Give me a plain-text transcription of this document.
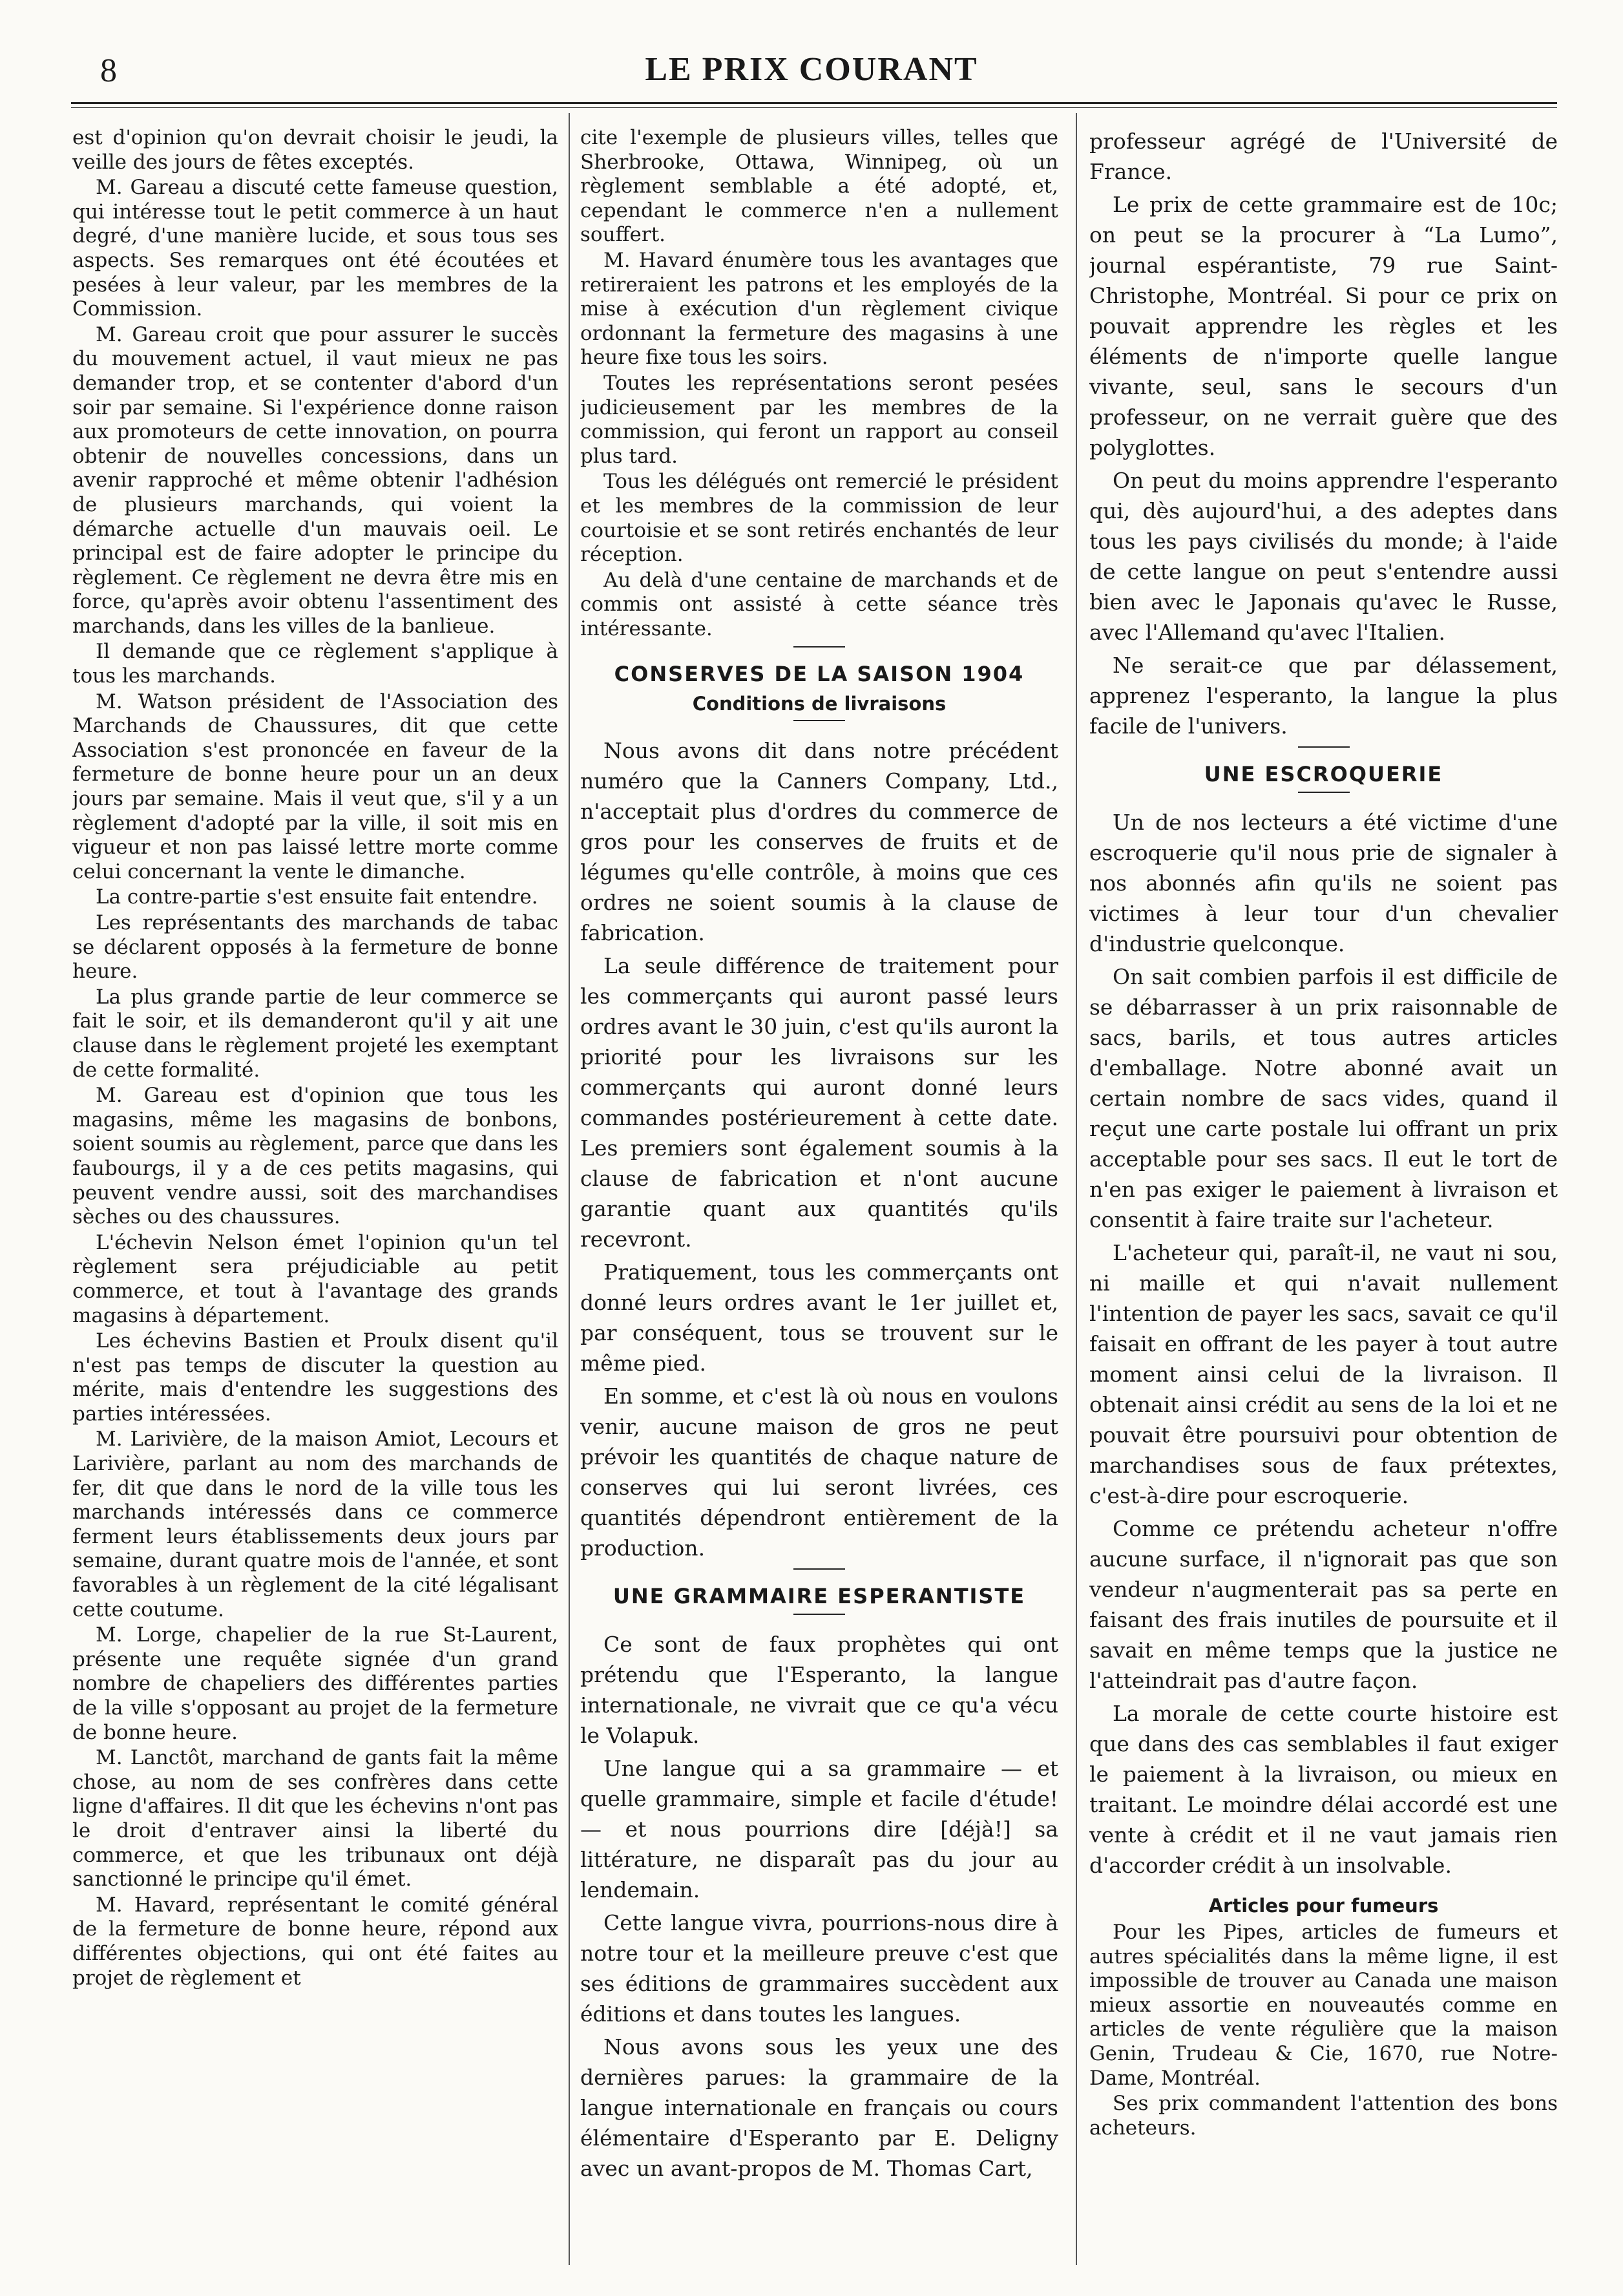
8	LE PRIX COURANT

est d'opinion qu'on devrait choisir le jeudi, la veille des jours de fêtes exceptés.

M. Gareau a discuté cette fameuse question, qui intéresse tout le petit commerce à un haut degré, d'une manière lucide, et sous tous ses aspects. Ses remarques ont été écoutées et pesées à leur valeur, par les membres de la Commission.

M. Gareau croit que pour assurer le succès du mouvement actuel, il vaut mieux ne pas demander trop, et se contenter d'abord d'un soir par semaine. Si l'expérience donne raison aux promoteurs de cette innovation, on pourra obtenir de nouvelles concessions, dans un avenir rapproché et même obtenir l'adhésion de plusieurs marchands, qui voient la démarche actuelle d'un mauvais oeil. Le principal est de faire adopter le principe du règlement. Ce règlement ne devra être mis en force, qu'après avoir obtenu l'assentiment des marchands, dans les villes de la banlieue.

Il demande que ce règlement s'applique à tous les marchands.

M. Watson président de l'Association des Marchands de Chaussures, dit que cette Association s'est prononcée en faveur de la fermeture de bonne heure pour un an deux jours par semaine. Mais il veut que, s'il y a un règlement d'adopté par la ville, il soit mis en vigueur et non pas laissé lettre morte comme celui concernant la vente le dimanche.

La contre-partie s'est ensuite fait entendre.

Les représentants des marchands de tabac se déclarent opposés à la fermeture de bonne heure.

La plus grande partie de leur commerce se fait le soir, et ils demanderont qu'il y ait une clause dans le règlement projeté les exemptant de cette formalité.

M. Gareau est d'opinion que tous les magasins, même les magasins de bonbons, soient soumis au règlement, parce que dans les faubourgs, il y a de ces petits magasins, qui peuvent vendre aussi, soit des marchandises sèches ou des chaussures.

L'échevin Nelson émet l'opinion qu'un tel règlement sera préjudiciable au petit commerce, et tout à l'avantage des grands magasins à département.

Les échevins Bastien et Proulx disent qu'il n'est pas temps de discuter la question au mérite, mais d'entendre les suggestions des parties intéressées.

M. Larivière, de la maison Amiot, Lecours et Larivière, parlant au nom des marchands de fer, dit que dans le nord de la ville tous les marchands intéressés dans ce commerce ferment leurs établissements deux jours par semaine, durant quatre mois de l'année, et sont favorables à un règlement de la cité légalisant cette coutume.

M. Lorge, chapelier de la rue St-Laurent, présente une requête signée d'un grand nombre de chapeliers des différentes parties de la ville s'opposant au projet de la fermeture de bonne heure.

M. Lanctôt, marchand de gants fait la même chose, au nom de ses confrères dans cette ligne d'affaires. Il dit que les échevins n'ont pas le droit d'entraver ainsi la liberté du commerce, et que les tribunaux ont déjà sanctionné le principe qu'il émet.

M. Havard, représentant le comité général de la fermeture de bonne heure, répond aux différentes objections, qui ont été faites au projet de règlement et

cite l'exemple de plusieurs villes, telles que Sherbrooke, Ottawa, Winnipeg, où un règlement semblable a été adopté, et, cependant le commerce n'en a nullement souffert.

M. Havard énumère tous les avantages que retireraient les patrons et les employés de la mise à exécution d'un règlement civique ordonnant la fermeture des magasins à une heure fixe tous les soirs.

Toutes les représentations seront pesées judicieusement par les membres de la commission, qui feront un rapport au conseil plus tard.

Tous les délégués ont remercié le président et les membres de la commission de leur courtoisie et se sont retirés enchantés de leur réception.

Au delà d'une centaine de marchands et de commis ont assisté à cette séance très intéressante.

CONSERVES DE LA SAISON 1904
Conditions de livraisons

Nous avons dit dans notre précédent numéro que la Canners Company, Ltd., n'acceptait plus d'ordres du commerce de gros pour les conserves de fruits et de légumes qu'elle contrôle, à moins que ces ordres ne soient soumis à la clause de fabrication.

La seule différence de traitement pour les commerçants qui auront passé leurs ordres avant le 30 juin, c'est qu'ils auront la priorité pour les livraisons sur les commerçants qui auront donné leurs commandes postérieurement à cette date. Les premiers sont également soumis à la clause de fabrication et n'ont aucune garantie quant aux quantités qu'ils recevront.

Pratiquement, tous les commerçants ont donné leurs ordres avant le 1er juillet et, par conséquent, tous se trouvent sur le même pied.

En somme, et c'est là où nous en voulons venir, aucune maison de gros ne peut prévoir les quantités de chaque nature de conserves qui lui seront livrées, ces quantités dépendront entièrement de la production.

UNE GRAMMAIRE ESPERANTISTE

Ce sont de faux prophètes qui ont prétendu que l'Esperanto, la langue internationale, ne vivrait que ce qu'a vécu le Volapuk.

Une langue qui a sa grammaire — et quelle grammaire, simple et facile d'étude! — et nous pourrions dire [déjà!] sa littérature, ne disparaît pas du jour au lendemain.

Cette langue vivra, pourrions-nous dire à notre tour et la meilleure preuve c'est que ses éditions de grammaires succèdent aux éditions et dans toutes les langues.

Nous avons sous les yeux une des dernières parues: la grammaire de la langue internationale en français ou cours élémentaire d'Esperanto par E. Deligny avec un avant-propos de M. Thomas Cart,

professeur agrégé de l'Université de France.

Le prix de cette grammaire est de 10c; on peut se la procurer à “La Lumo”, journal espérantiste, 79 rue Saint-Christophe, Montréal. Si pour ce prix on pouvait apprendre les règles et les éléments de n'importe quelle langue vivante, seul, sans le secours d'un professeur, on ne verrait guère que des polyglottes.

On peut du moins apprendre l'esperanto qui, dès aujourd'hui, a des adeptes dans tous les pays civilisés du monde; à l'aide de cette langue on peut s'entendre aussi bien avec le Japonais qu'avec le Russe, avec l'Allemand qu'avec l'Italien.

Ne serait-ce que par délassement, apprenez l'esperanto, la langue la plus facile de l'univers.

UNE ESCROQUERIE

Un de nos lecteurs a été victime d'une escroquerie qu'il nous prie de signaler à nos abonnés afin qu'ils ne soient pas victimes à leur tour d'un chevalier d'industrie quelconque.

On sait combien parfois il est difficile de se débarrasser à un prix raisonnable de sacs, barils, et tous autres articles d'emballage. Notre abonné avait un certain nombre de sacs vides, quand il reçut une carte postale lui offrant un prix acceptable pour ses sacs. Il eut le tort de n'en pas exiger le paiement à livraison et consentit à faire traite sur l'acheteur.

L'acheteur qui, paraît-il, ne vaut ni sou, ni maille et qui n'avait nullement l'intention de payer les sacs, savait ce qu'il faisait en offrant de les payer à tout autre moment ainsi celui de la livraison. Il obtenait ainsi crédit au sens de la loi et ne pouvait être poursuivi pour obtention de marchandises sous de faux prétextes, c'est-à-dire pour escroquerie.

Comme ce prétendu acheteur n'offre aucune surface, il n'ignorait pas que son vendeur n'augmenterait pas sa perte en faisant des frais inutiles de poursuite et il savait en même temps que la justice ne l'atteindrait pas d'autre façon.

La morale de cette courte histoire est que dans des cas semblables il faut exiger le paiement à la livraison, ou mieux en traitant. Le moindre délai accordé est une vente à crédit et il ne vaut jamais rien d'accorder crédit à un insolvable.

Articles pour fumeurs

Pour les Pipes, articles de fumeurs et autres spécialités dans la même ligne, il est impossible de trouver au Canada une maison mieux assortie en nouveautés comme en articles de vente régulière que la maison Genin, Trudeau & Cie, 1670, rue Notre-Dame, Montréal.

Ses prix commandent l'attention des bons acheteurs.
